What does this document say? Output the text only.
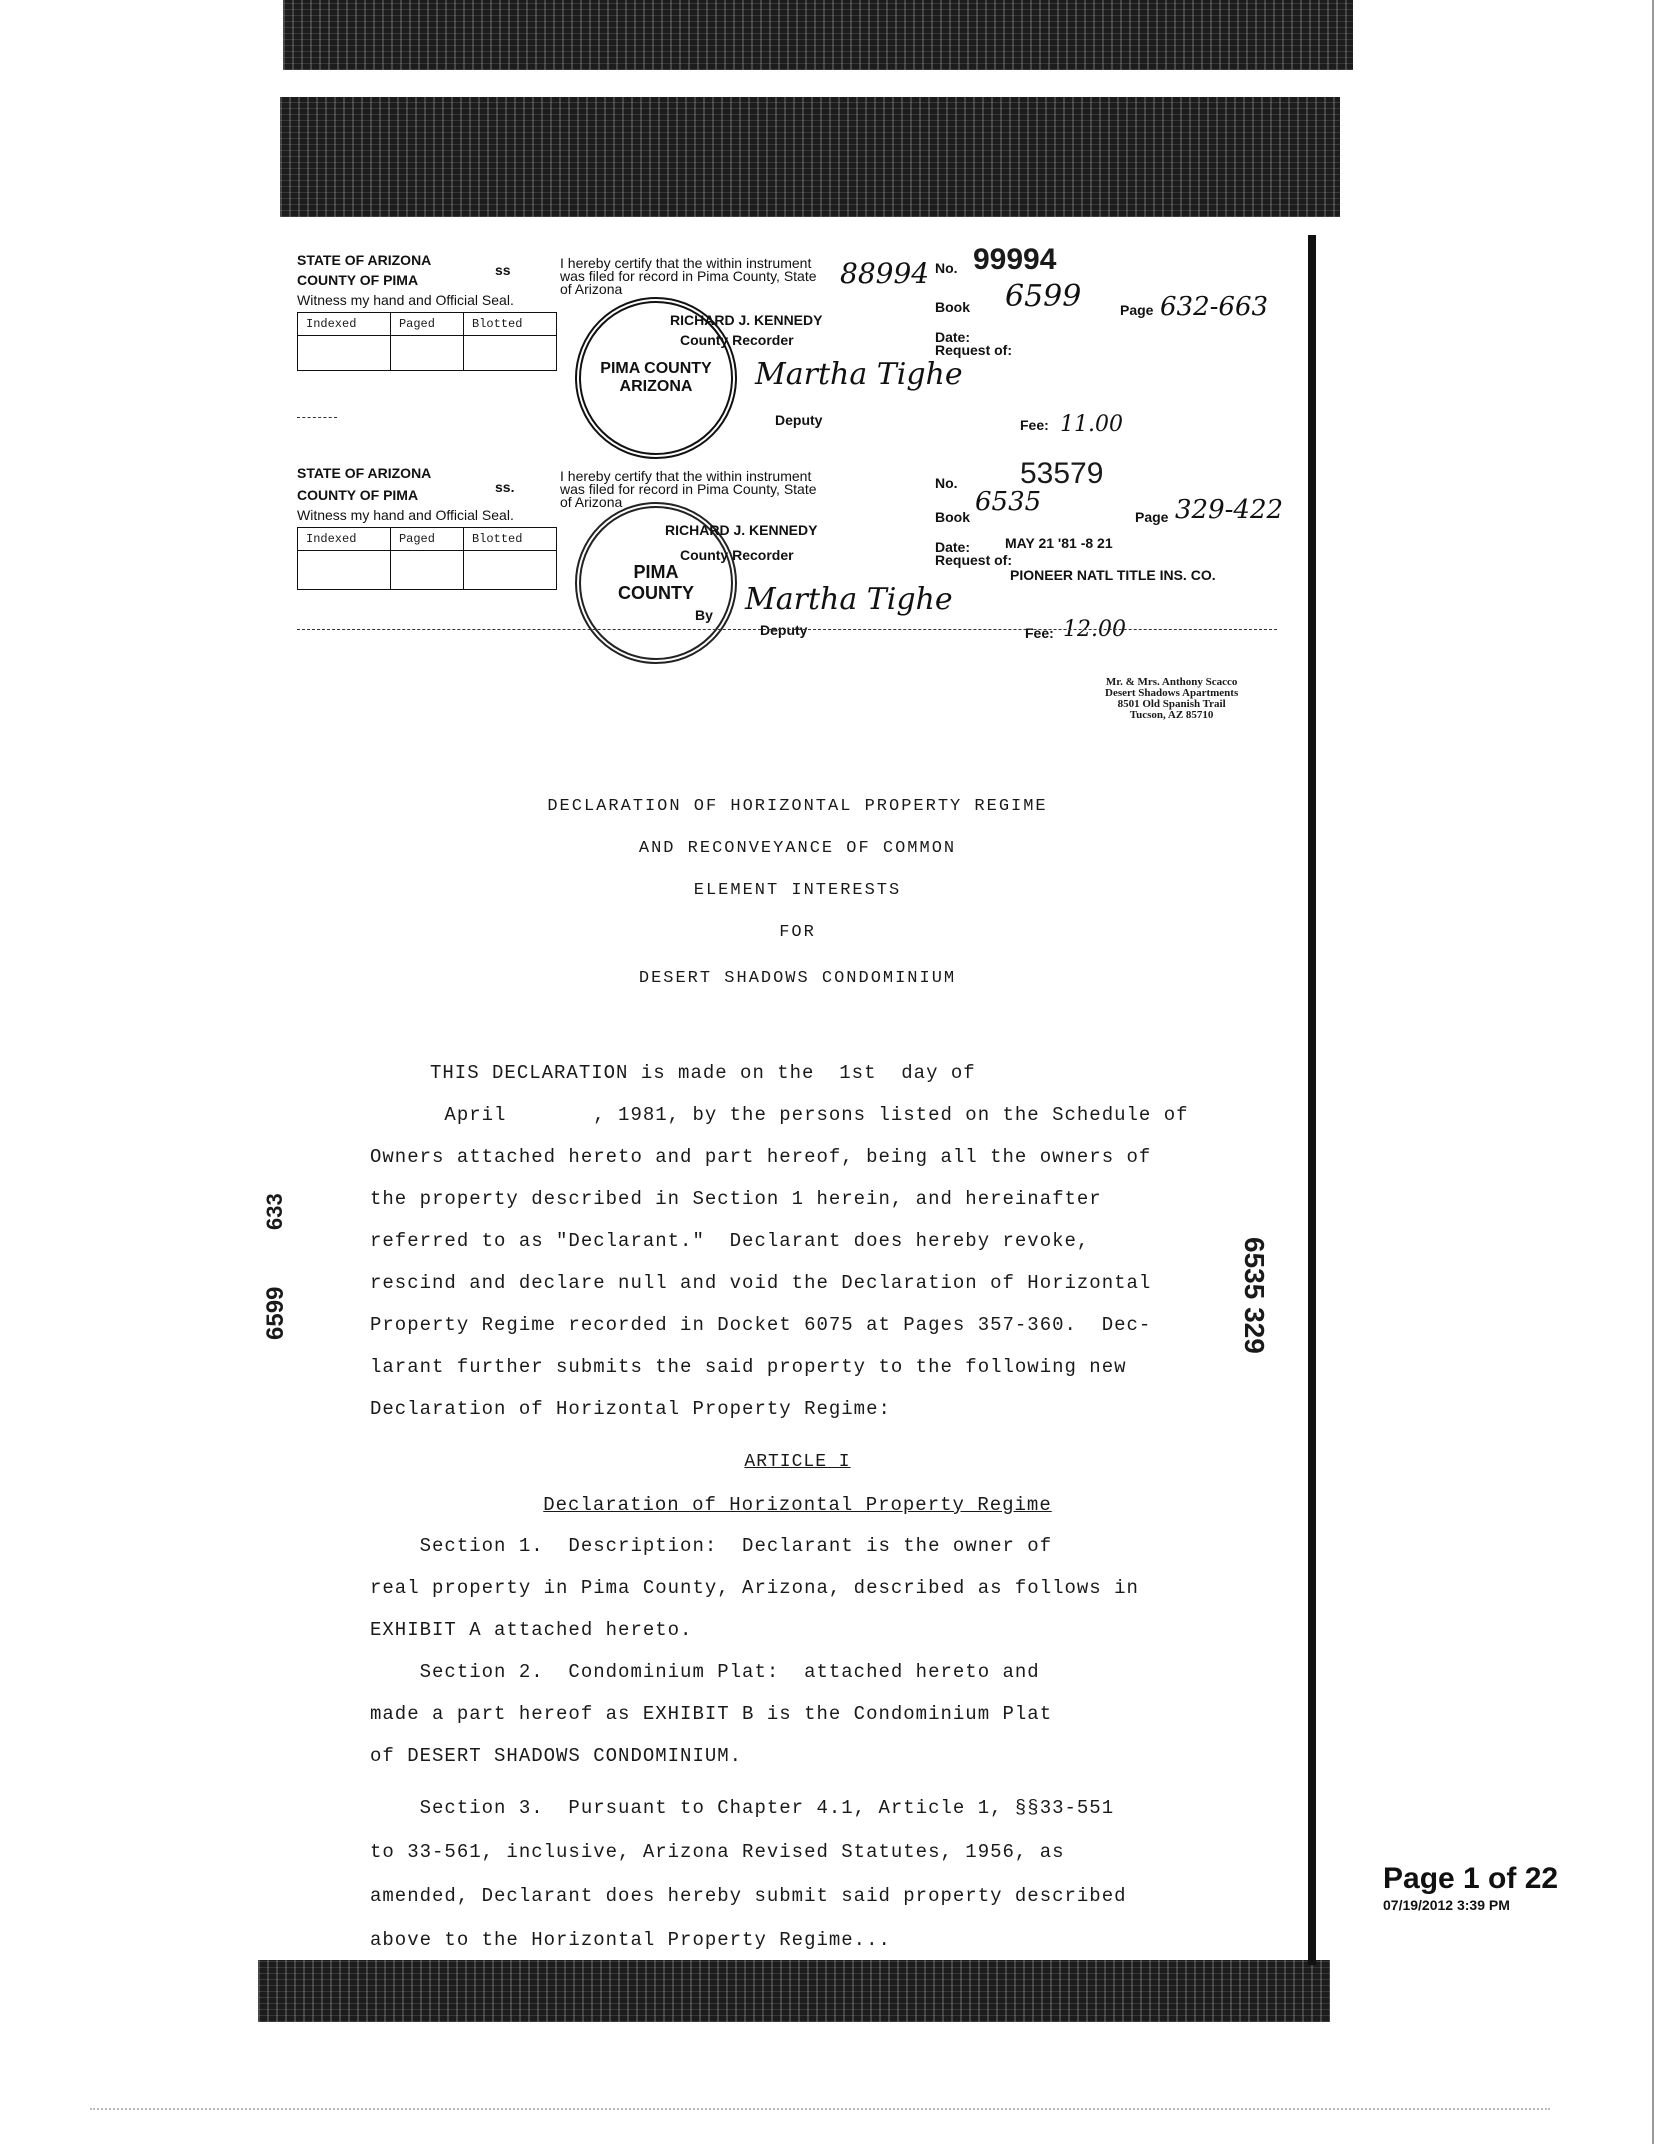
STATE OF ARIZONA
COUNTY OF PIMA
ss
Witness my hand and Official Seal.
Indexed	Paged	Blotted

I hereby certify that the within instrument was filed for record in Pima County, State of Arizona
PIMA COUNTY ARIZONA
RICHARD J. KENNEDY
County Recorder
Deputy
Martha Tighe
88994 No. 99994
Book 6599	Page 632-663
Date:
Request of:
Fee: 11.00
STATE OF ARIZONA
COUNTY OF PIMA	ss.
Witness my hand and Official Seal.
Indexed	Paged	Blotted

I hereby certify that the within instrument was filed for record in Pima County, State of Arizona
PIMA COUNTY
RICHARD J. KENNEDY
County Recorder
By
Deputy
Martha Tighe
No. 53579
Book 6535	Page 329-422
Date: MAY 21 '81 -8 21
Request of:
PIONEER NATL TITLE INS. CO.
Fee: 12.00
Mr. & Mrs. Anthony Scacco
Desert Shadows Apartments
8501 Old Spanish Trail
Tucson, AZ 85710
DECLARATION OF HORIZONTAL PROPERTY REGIME
AND RECONVEYANCE OF COMMON
ELEMENT INTERESTS
FOR
DESERT SHADOWS CONDOMINIUM
THIS DECLARATION is made on the  1st  day of
April       , 1981, by the persons listed on the Schedule of
Owners attached hereto and part hereof, being all the owners of
the property described in Section 1 herein, and hereinafter
referred to as "Declarant."  Declarant does hereby revoke,
rescind and declare null and void the Declaration of Horizontal
Property Regime recorded in Docket 6075 at Pages 357-360.  Dec-
larant further submits the said property to the following new
Declaration of Horizontal Property Regime:
ARTICLE I
Declaration of Horizontal Property Regime
Section 1.  Description:  Declarant is the owner of
real property in Pima County, Arizona, described as follows in
EXHIBIT A attached hereto.
Section 2.  Condominium Plat:  attached hereto and
made a part hereof as EXHIBIT B is the Condominium Plat
of DESERT SHADOWS CONDOMINIUM.
Section 3.  Pursuant to Chapter 4.1, Article 1, §§33-551
to 33-561, inclusive, Arizona Revised Statutes, 1956, as
amended, Declarant does hereby submit said property described
above to the Horizontal Property Regime...
6535 329
6599
633
Page 1 of 22
07/19/2012 3:39 PM
